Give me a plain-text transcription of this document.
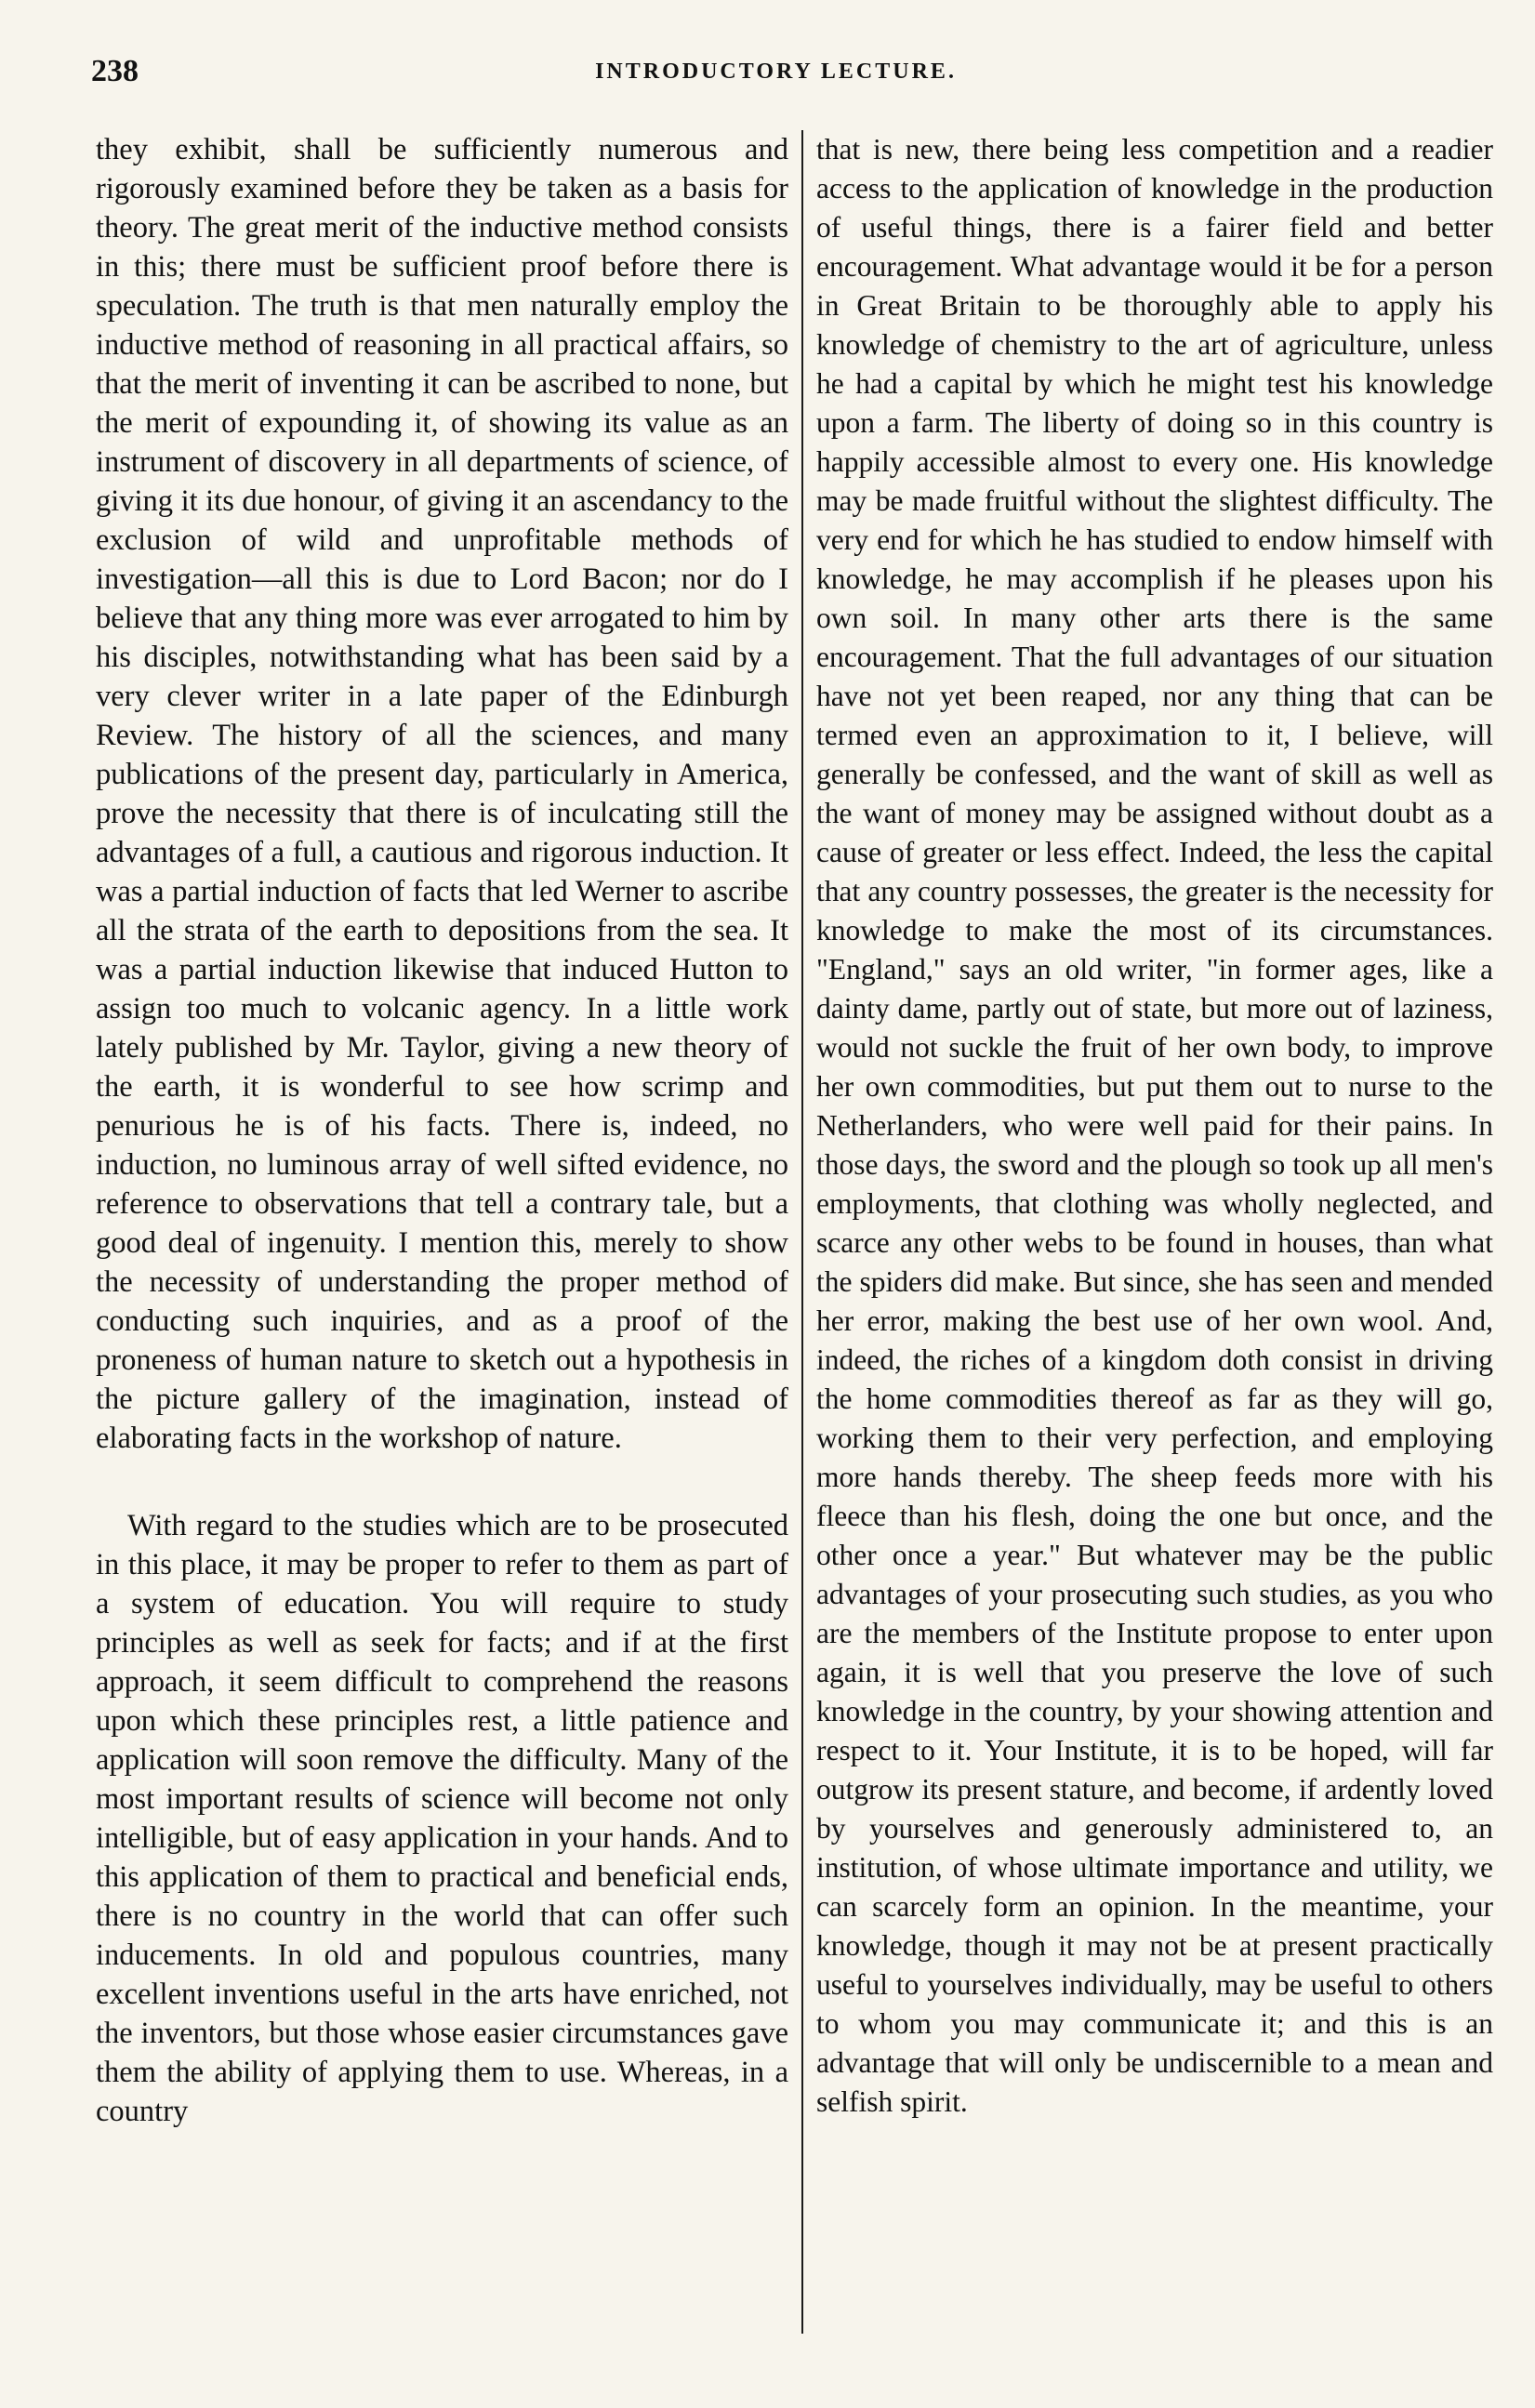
238	INTRODUCTORY LECTURE.

they exhibit, shall be sufficiently numerous and rigorously examined before they be taken as a basis for theory. The great merit of the inductive method consists in this; there must be sufficient proof before there is speculation. The truth is that men naturally employ the inductive method of reasoning in all practical affairs, so that the merit of inventing it can be ascribed to none, but the merit of expounding it, of showing its value as an instrument of discovery in all departments of science, of giving it its due honour, of giving it an ascendancy to the exclusion of wild and unprofitable methods of investigation—all this is due to Lord Bacon; nor do I believe that any thing more was ever arrogated to him by his disciples, notwithstanding what has been said by a very clever writer in a late paper of the Edinburgh Review. The history of all the sciences, and many publications of the present day, particularly in America, prove the necessity that there is of inculcating still the advantages of a full, a cautious and rigorous induction. It was a partial induction of facts that led Werner to ascribe all the strata of the earth to depositions from the sea. It was a partial induction likewise that induced Hutton to assign too much to volcanic agency. In a little work lately published by Mr. Taylor, giving a new theory of the earth, it is wonderful to see how scrimp and penurious he is of his facts. There is, indeed, no induction, no luminous array of well sifted evidence, no reference to observations that tell a contrary tale, but a good deal of ingenuity. I mention this, merely to show the necessity of understanding the proper method of conducting such inquiries, and as a proof of the proneness of human nature to sketch out a hypothesis in the picture gallery of the imagination, instead of elaborating facts in the workshop of nature.

With regard to the studies which are to be prosecuted in this place, it may be proper to refer to them as part of a system of education. You will require to study principles as well as seek for facts; and if at the first approach, it seem difficult to comprehend the reasons upon which these principles rest, a little patience and application will soon remove the difficulty. Many of the most important results of science will become not only intelligible, but of easy application in your hands. And to this application of them to practical and beneficial ends, there is no country in the world that can offer such inducements. In old and populous countries, many excellent inventions useful in the arts have enriched, not the inventors, but those whose easier circumstances gave them the ability of applying them to use. Whereas, in a country

that is new, there being less competition and a readier access to the application of knowledge in the production of useful things, there is a fairer field and better encouragement. What advantage would it be for a person in Great Britain to be thoroughly able to apply his knowledge of chemistry to the art of agriculture, unless he had a capital by which he might test his knowledge upon a farm. The liberty of doing so in this country is happily accessible almost to every one. His knowledge may be made fruitful without the slightest difficulty. The very end for which he has studied to endow himself with knowledge, he may accomplish if he pleases upon his own soil. In many other arts there is the same encouragement. That the full advantages of our situation have not yet been reaped, nor any thing that can be termed even an approximation to it, I believe, will generally be confessed, and the want of skill as well as the want of money may be assigned without doubt as a cause of greater or less effect. Indeed, the less the capital that any country possesses, the greater is the necessity for knowledge to make the most of its circumstances. "England," says an old writer, "in former ages, like a dainty dame, partly out of state, but more out of laziness, would not suckle the fruit of her own body, to improve her own commodities, but put them out to nurse to the Netherlanders, who were well paid for their pains. In those days, the sword and the plough so took up all men's employments, that clothing was wholly neglected, and scarce any other webs to be found in houses, than what the spiders did make. But since, she has seen and mended her error, making the best use of her own wool. And, indeed, the riches of a kingdom doth consist in driving the home commodities thereof as far as they will go, working them to their very perfection, and employing more hands thereby. The sheep feeds more with his fleece than his flesh, doing the one but once, and the other once a year." But whatever may be the public advantages of your prosecuting such studies, as you who are the members of the Institute propose to enter upon again, it is well that you preserve the love of such knowledge in the country, by your showing attention and respect to it. Your Institute, it is to be hoped, will far outgrow its present stature, and become, if ardently loved by yourselves and generously administered to, an institution, of whose ultimate importance and utility, we can scarcely form an opinion. In the meantime, your knowledge, though it may not be at present practically useful to yourselves individually, may be useful to others to whom you may communicate it; and this is an advantage that will only be undiscernible to a mean and selfish spirit.
